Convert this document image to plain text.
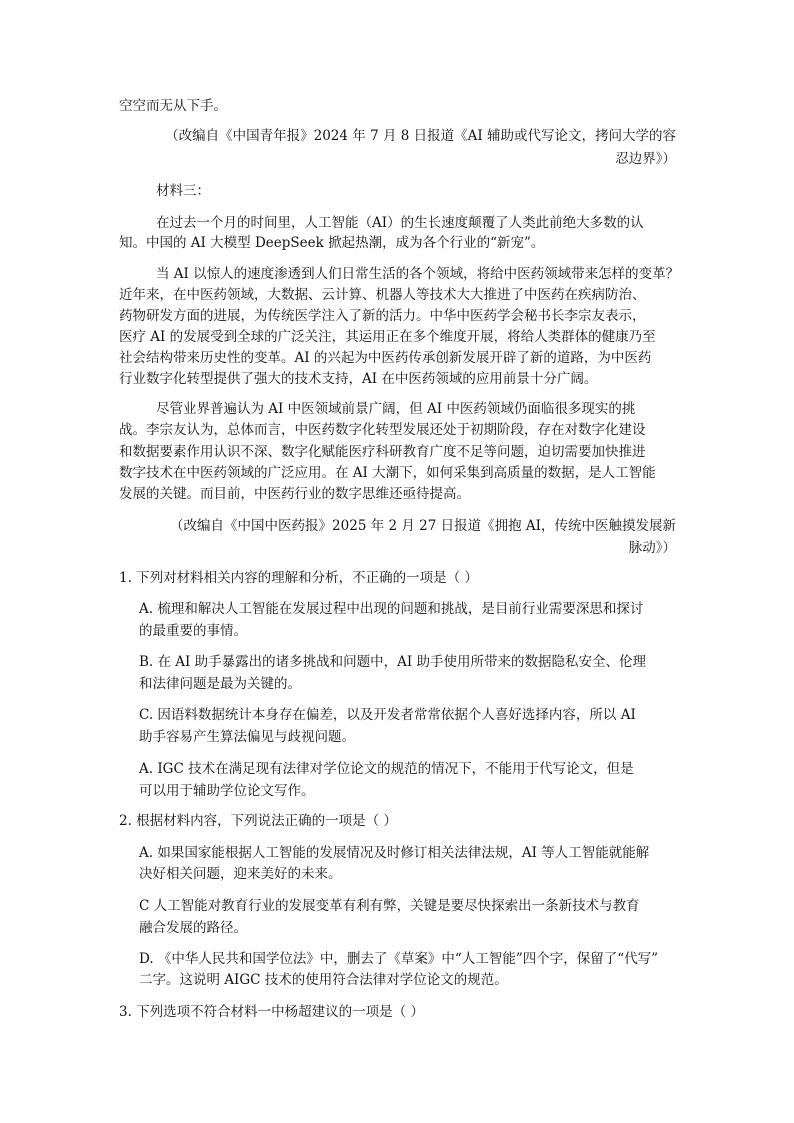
空空而无从下手。
（改编自《中国青年报》2024 年 7 月 8 日报道《AI 辅助或代写论文，拷问大学的容
忍边界》）
材料三：
在过去一个月的时间里，人工智能（AI）的生长速度颠覆了人类此前绝大多数的认
知。中国的 AI 大模型 DeepSeek 掀起热潮，成为各个行业的“新宠”。
当 AI 以惊人的速度渗透到人们日常生活的各个领域，将给中医药领域带来怎样的变革？
近年来，在中医药领域，大数据、云计算、机器人等技术大大推进了中医药在疾病防治、
药物研发方面的进展，为传统医学注入了新的活力。中华中医药学会秘书长李宗友表示，
医疗 AI 的发展受到全球的广泛关注，其运用正在多个维度开展，将给人类群体的健康乃至
社会结构带来历史性的变革。AI 的兴起为中医药传承创新发展开辟了新的道路，为中医药
行业数字化转型提供了强大的技术支持，AI 在中医药领域的应用前景十分广阔。
尽管业界普遍认为 AI 中医领域前景广阔，但 AI 中医药领域仍面临很多现实的挑
战。李宗友认为，总体而言，中医药数字化转型发展还处于初期阶段，存在对数字化建设
和数据要素作用认识不深、数字化赋能医疗科研教育广度不足等问题，迫切需要加快推进
数字技术在中医药领域的广泛应用。在 AI 大潮下，如何采集到高质量的数据，是人工智能
发展的关键。而目前，中医药行业的数字思维还亟待提高。
（改编自《中国中医药报》2025 年 2 月 27 日报道《拥抱 AI，传统中医触摸发展新
脉动》）
1. 下列对材料相关内容的理解和分析，不正确的一项是（ ）
A. 梳理和解决人工智能在发展过程中出现的问题和挑战，是目前行业需要深思和探讨
的最重要的事情。
B. 在 AI 助手暴露出的诸多挑战和问题中，AI 助手使用所带来的数据隐私安全、伦理
和法律问题是最为关键的。
C. 因语料数据统计本身存在偏差，以及开发者常常依据个人喜好选择内容，所以 AI
助手容易产生算法偏见与歧视问题。
A. IGC 技术在满足现有法律对学位论文的规范的情况下，不能用于代写论文，但是
可以用于辅助学位论文写作。
2. 根据材料内容，下列说法正确的一项是（ ）
A. 如果国家能根据人工智能的发展情况及时修订相关法律法规，AI 等人工智能就能解
决好相关问题，迎来美好的未来。
C 人工智能对教育行业的发展变革有利有弊，关键是要尽快探索出一条新技术与教育
融合发展的路径。
D. 《中华人民共和国学位法》中，删去了《草案》中“人工智能”四个字，保留了“代写”
二字。这说明 AIGC 技术的使用符合法律对学位论文的规范。
3. 下列选项不符合材料一中杨超建议的一项是（ ）
